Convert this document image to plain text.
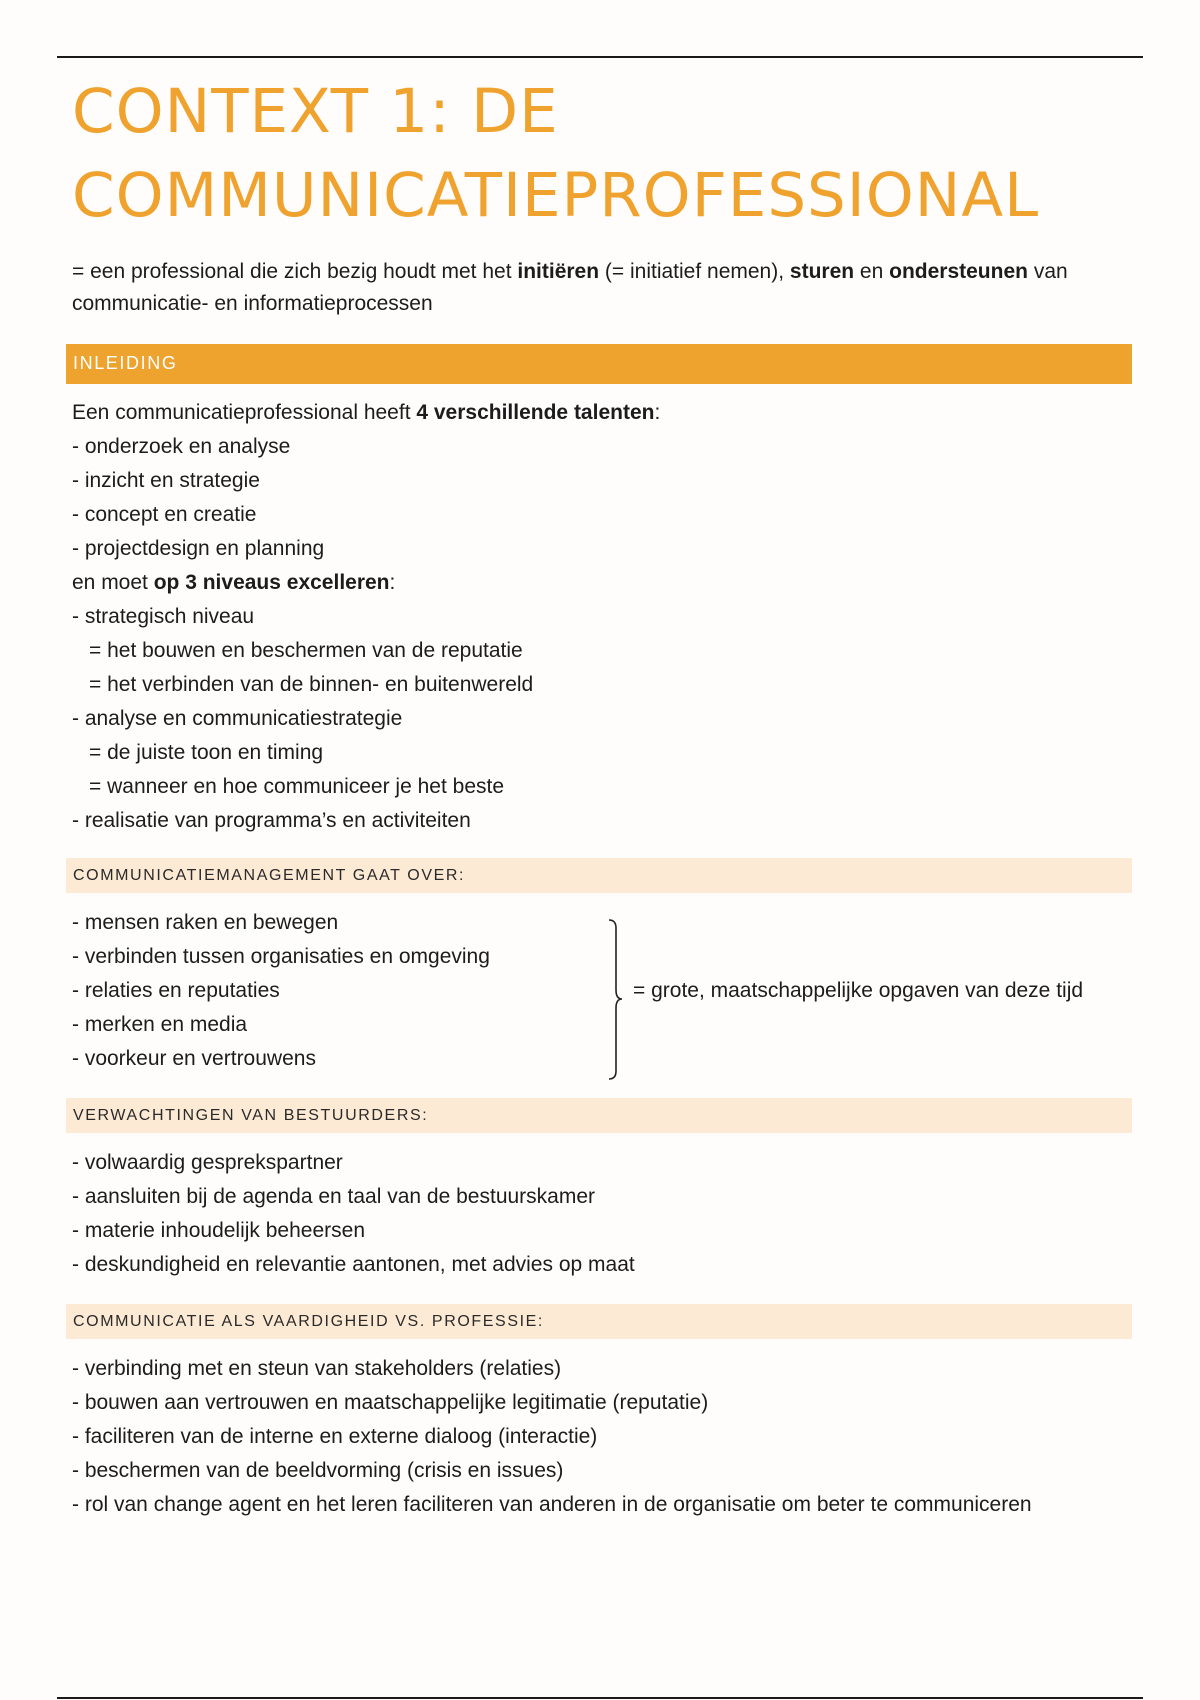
CONTEXT 1: DE COMMUNICATIEPROFESSIONAL

= een professional die zich bezig houdt met het initiëren (= initiatief nemen), sturen en ondersteunen van communicatie- en informatieprocessen

INLEIDING
Een communicatieprofessional heeft 4 verschillende talenten:
- onderzoek en analyse
- inzicht en strategie
- concept en creatie
- projectdesign en planning
en moet op 3 niveaus excelleren:
- strategisch niveau
= het bouwen en beschermen van de reputatie
= het verbinden van de binnen- en buitenwereld
- analyse en communicatiestrategie
= de juiste toon en timing
= wanneer en hoe communiceer je het beste
- realisatie van programma’s en activiteiten
COMMUNICATIEMANAGEMENT GAAT OVER:
- mensen raken en bewegen
- verbinden tussen organisaties en omgeving
- relaties en reputaties
- merken en media
- voorkeur en vertrouwens
= grote, maatschappelijke opgaven van deze tijd
VERWACHTINGEN VAN BESTUURDERS:
- volwaardig gesprekspartner
- aansluiten bij de agenda en taal van de bestuurskamer
- materie inhoudelijk beheersen
- deskundigheid en relevantie aantonen, met advies op maat
COMMUNICATIE ALS VAARDIGHEID VS. PROFESSIE:
- verbinding met en steun van stakeholders (relaties)
- bouwen aan vertrouwen en maatschappelijke legitimatie (reputatie)
- faciliteren van de interne en externe dialoog (interactie)
- beschermen van de beeldvorming (crisis en issues)
- rol van change agent en het leren faciliteren van anderen in de organisatie om beter te communiceren
